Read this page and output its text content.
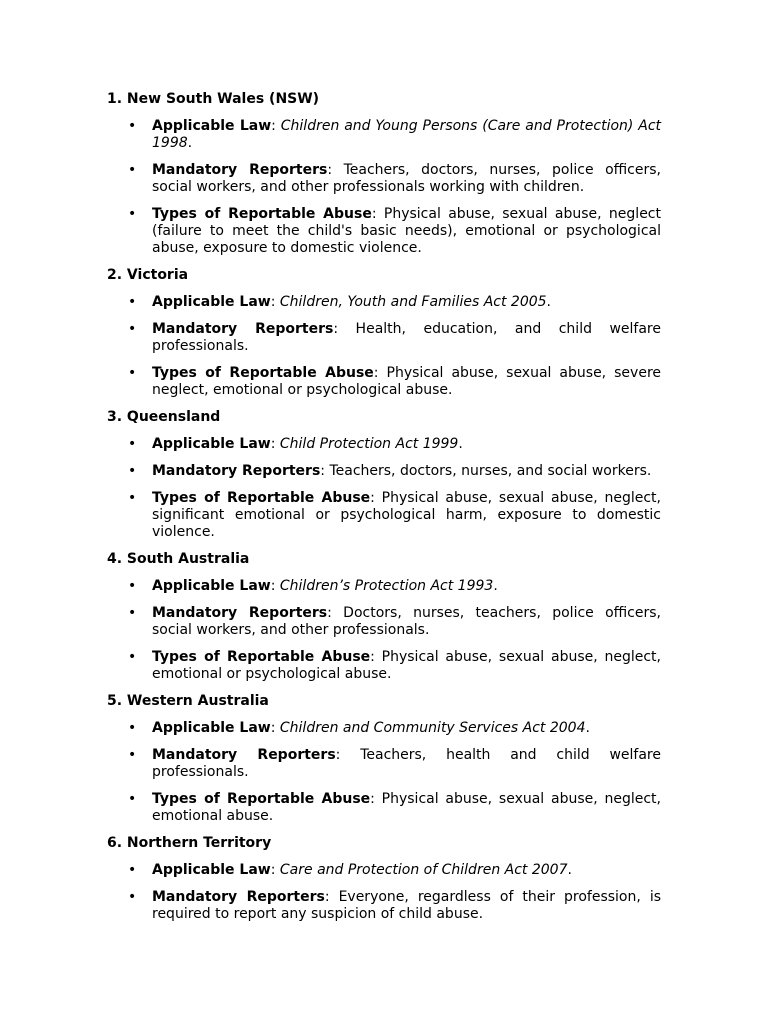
1. New South Wales (NSW)
• Applicable Law: Children and Young Persons (Care and Protection) Act 1998.
• Mandatory Reporters: Teachers, doctors, nurses, police officers, social workers, and other professionals working with children.
• Types of Reportable Abuse: Physical abuse, sexual abuse, neglect (failure to meet the child's basic needs), emotional or psychological abuse, exposure to domestic violence.
2. Victoria
• Applicable Law: Children, Youth and Families Act 2005.
• Mandatory Reporters: Health, education, and child welfare professionals.
• Types of Reportable Abuse: Physical abuse, sexual abuse, severe neglect, emotional or psychological abuse.
3. Queensland
• Applicable Law: Child Protection Act 1999.
• Mandatory Reporters: Teachers, doctors, nurses, and social workers.
• Types of Reportable Abuse: Physical abuse, sexual abuse, neglect, significant emotional or psychological harm, exposure to domestic violence.
4. South Australia
• Applicable Law: Children’s Protection Act 1993.
• Mandatory Reporters: Doctors, nurses, teachers, police officers, social workers, and other professionals.
• Types of Reportable Abuse: Physical abuse, sexual abuse, neglect, emotional or psychological abuse.
5. Western Australia
• Applicable Law: Children and Community Services Act 2004.
• Mandatory Reporters: Teachers, health and child welfare professionals.
• Types of Reportable Abuse: Physical abuse, sexual abuse, neglect, emotional abuse.
6. Northern Territory
• Applicable Law: Care and Protection of Children Act 2007.
• Mandatory Reporters: Everyone, regardless of their profession, is required to report any suspicion of child abuse.
